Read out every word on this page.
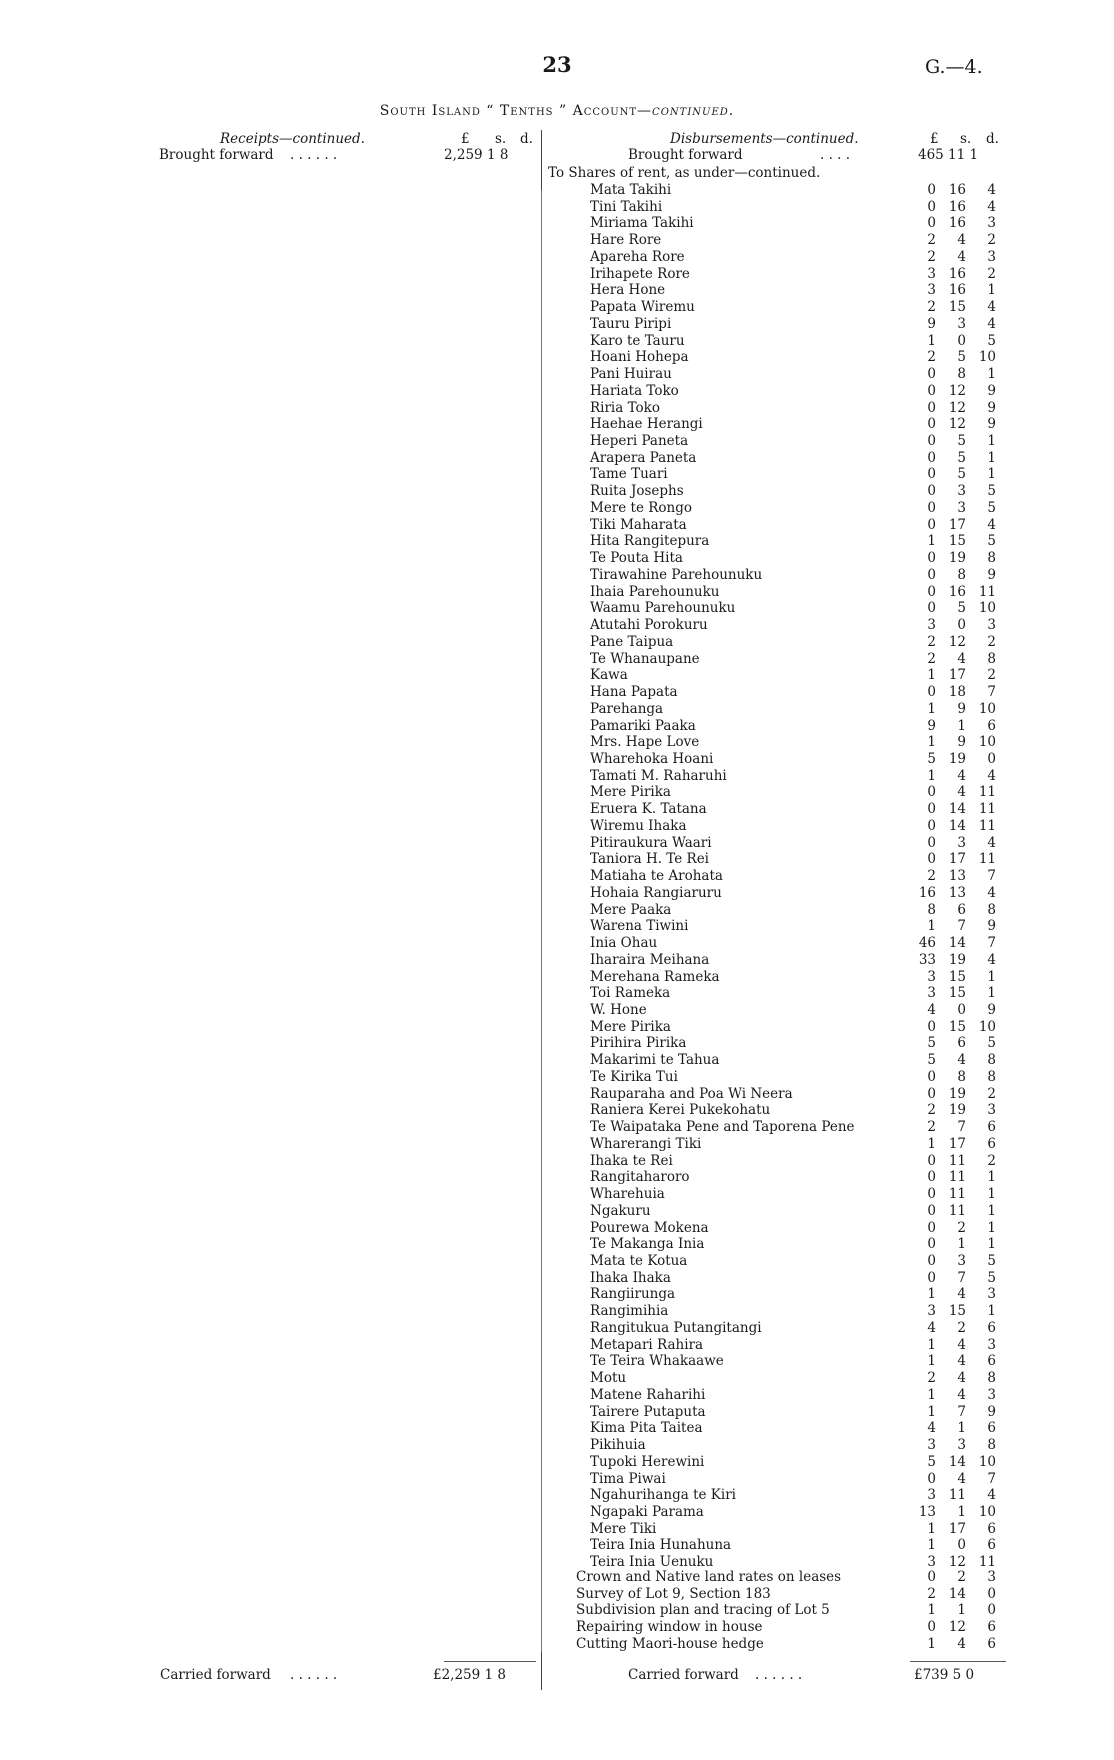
23	G.—4.
South Island “ Tenths ” Account—continued.
Receipts—continued.	£ s. d.
Brought forward . . . . . .	2,259 1 8
Carried forward . . . . . .	£2,259 1 8
Disbursements—continued.	£ s. d.
Brought forward	. . . .	465 11 1
To Shares of rent, as under—continued.
Mata Takihi	0 16	4
Tini Takihi	0 16	4
Miriama Takihi	0 16	3
Hare Rore	2	4	2
Apareha Rore	2	4	3
Irihapete Rore	3 16	2
Hera Hone	3 16	1
Papata Wiremu	2 15	4
Tauru Piripi	9	3	4
Karo te Tauru	1	0	5
Hoani Hohepa	2	5 10
Pani Huirau	0	8	1
Hariata Toko	0 12	9
Riria Toko	0 12	9
Haehae Herangi	0 12	9
Heperi Paneta	0	5	1
Arapera Paneta	0	5	1
Tame Tuari	0	5	1
Ruita Josephs	0	3	5
Mere te Rongo	0	3	5
Tiki Maharata	0 17	4
Hita Rangitepura	1 15	5
Te Pouta Hita	0 19	8
Tirawahine Parehounuku	0	8	9
Ihaia Parehounuku	0 16 11
Waamu Parehounuku	0	5 10
Atutahi Porokuru	3	0	3
Pane Taipua	2 12	2
Te Whanaupane	2	4	8
Kawa	1 17	2
Hana Papata	0 18	7
Parehanga	1	9 10
Pamariki Paaka	9	1	6
Mrs. Hape Love	1	9 10
Wharehoka Hoani	5 19	0
Tamati M. Raharuhi	1	4	4
Mere Pirika	0	4 11
Eruera K. Tatana	0 14 11
Wiremu Ihaka	0 14 11
Pitiraukura Waari	0	3	4
Taniora H. Te Rei	0 17 11
Matiaha te Arohata	2 13	7
Hohaia Rangiaruru	16 13	4
Mere Paaka	8	6	8
Warena Tiwini	1	7	9
Inia Ohau	46 14	7
Iharaira Meihana	33 19	4
Merehana Rameka	3 15	1
Toi Rameka	3 15	1
W. Hone	4	0	9
Mere Pirika	0 15 10
Pirihira Pirika	5	6	5
Makarimi te Tahua	5	4	8
Te Kirika Tui	0	8	8
Rauparaha and Poa Wi Neera	0 19	2
Raniera Kerei Pukekohatu	2 19	3
Te Waipataka Pene and Taporena Pene	2	7	6
Wharerangi Tiki	1 17	6
Ihaka te Rei	0 11	2
Rangitaharoro	0 11	1
Wharehuia	0 11	1
Ngakuru	0 11	1
Pourewa Mokena	0	2	1
Te Makanga Inia	0	1	1
Mata te Kotua	0	3	5
Ihaka Ihaka	0	7	5
Rangiirunga	1	4	3
Rangimihia	3 15	1
Rangitukua Putangitangi	4	2	6
Metapari Rahira	1	4	3
Te Teira Whakaawe	1	4	6
Motu	2	4	8
Matene Raharihi	1	4	3
Tairere Putaputa	1	7	9
Kima Pita Taitea	4	1	6
Pikihuia	3	3	8
Tupoki Herewini	5 14 10
Tima Piwai	0	4	7
Ngahurihanga te Kiri	3 11	4
Ngapaki Parama	13	1 10
Mere Tiki	1 17	6
Teira Inia Hunahuna	1	0	6
Teira Inia Uenuku	3 12 11
Crown and Native land rates on leases	0	2	3
Survey of Lot 9, Section 183	2 14	0
Subdivision plan and tracing of Lot 5	1	1	0
Repairing window in house	0 12	6
Cutting Maori-house hedge	1	4	6
Carried forward . . . . . .	£739 5 0
